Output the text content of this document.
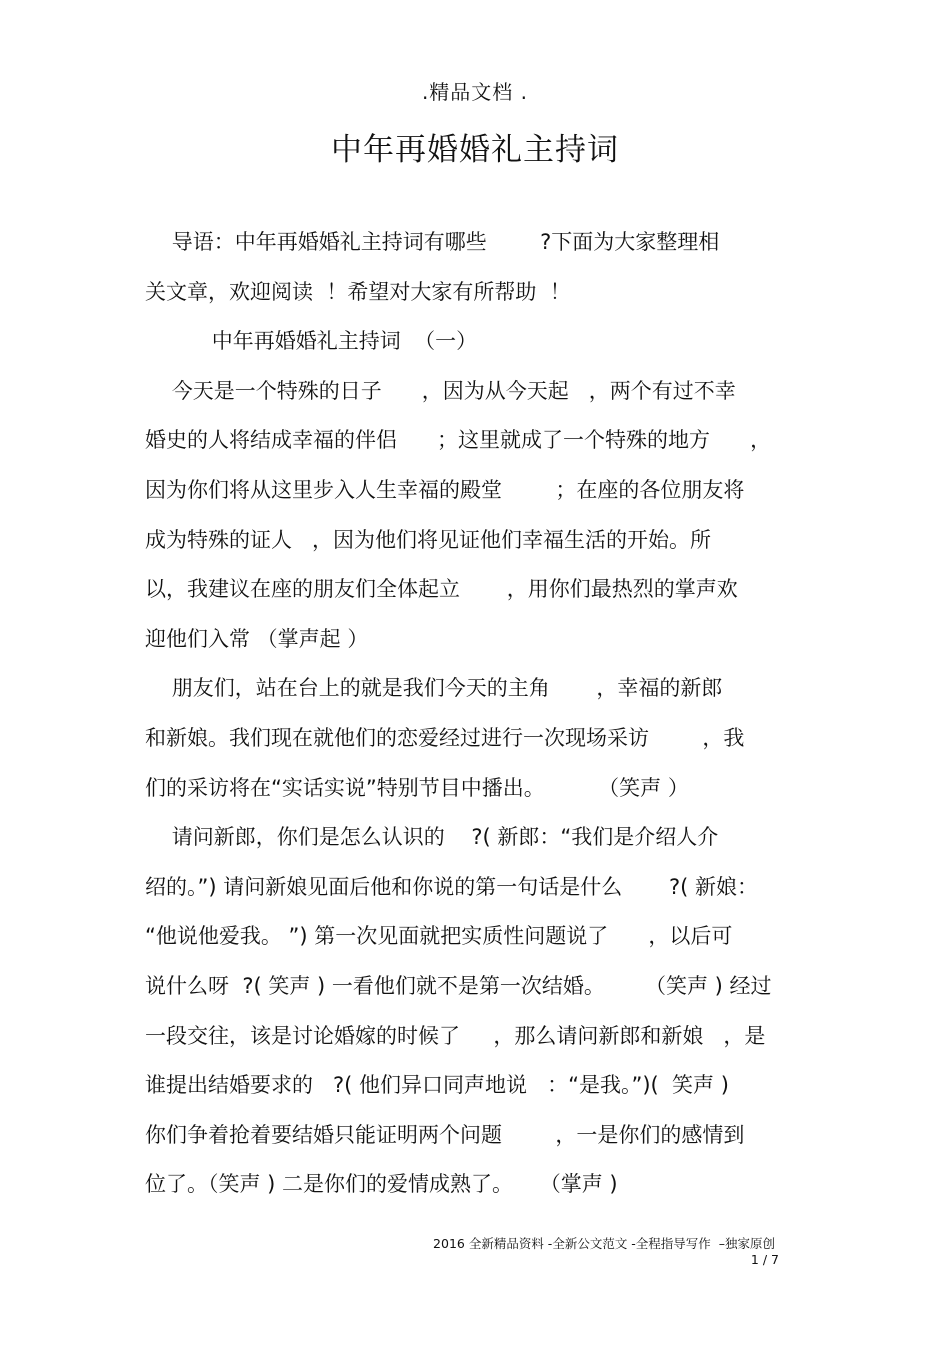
.精品文档 .
中年再婚婚礼主持词
导语：中年再婚婚礼主持词有哪些        ?下面为大家整理相
关文章，欢迎阅读  ！希望对大家有所帮助  ！
中年再婚婚礼主持词  （一）
今天是一个特殊的日子      ，因为从今天起   ，两个有过不幸
婚史的人将结成幸福的伴侣      ；这里就成了一个特殊的地方      ，
因为你们将从这里步入人生幸福的殿堂        ；在座的各位朋友将
成为特殊的证人   ，因为他们将见证他们幸福生活的开始。所
以，我建议在座的朋友们全体起立       ，用你们最热烈的掌声欢
迎他们入常 （掌声起 ）
朋友们，站在台上的就是我们今天的主角       ，幸福的新郎
和新娘。我们现在就他们的恋爱经过进行一次现场采访        ，我
们的采访将在“实话实说”特别节目中播出。        （笑声 ）
请问新郎，你们是怎么认识的    ?( 新郎：“我们是介绍人介
绍的。”) 请问新娘见面后他和你说的第一句话是什么       ?( 新娘：
“他说他爱我。 ”) 第一次见面就把实质性问题说了      ，以后可
说什么呀  ?( 笑声 ) 一看他们就不是第一次结婚。      （笑声 ) 经过
一段交往，该是讨论婚嫁的时候了     ，那么请问新郎和新娘   ，是
谁提出结婚要求的   ?( 他们异口同声地说   ：“是我。”)(  笑声 )
你们争着抢着要结婚只能证明两个问题        ，一是你们的感情到
位了。（笑声 ) 二是你们的爱情成熟了。    （掌声 )
2016 全新精品资料 -全新公文范文 -全程指导写作  –独家原创
1 / 7
